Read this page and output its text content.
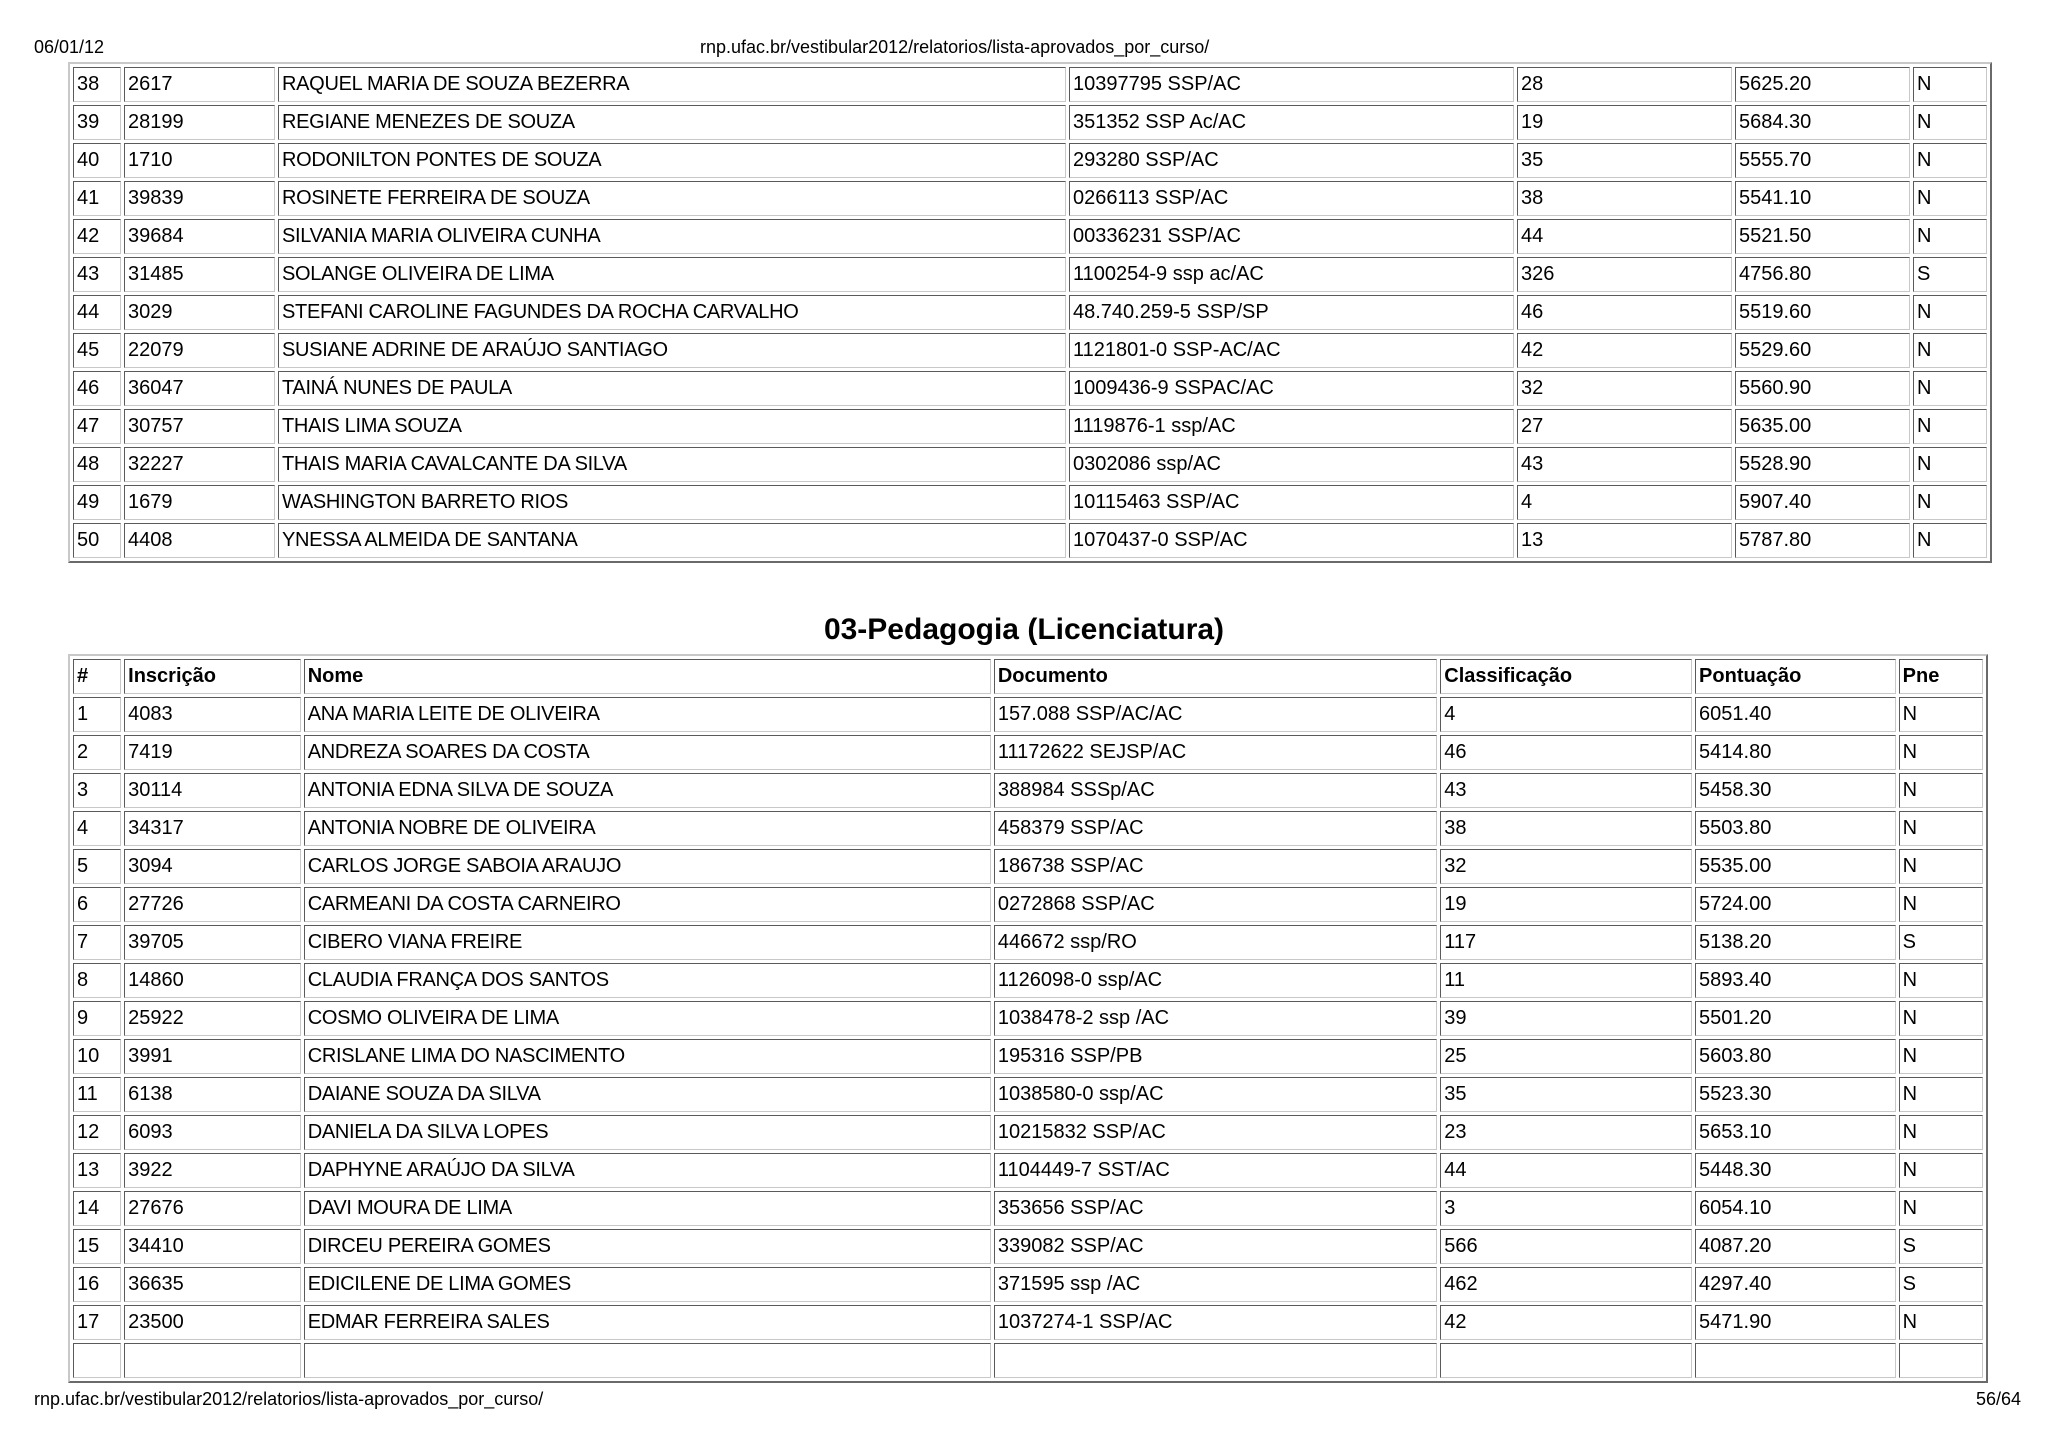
06/01/12	rnp.ufac.br/vestibular2012/relatorios/lista-aprovados_por_curso/
38	2617	RAQUEL MARIA DE SOUZA BEZERRA	10397795 SSP/AC	28	5625.20	N
39	28199	REGIANE MENEZES DE SOUZA	351352 SSP Ac/AC	19	5684.30	N
40	1710	RODONILTON PONTES DE SOUZA	293280 SSP/AC	35	5555.70	N
41	39839	ROSINETE FERREIRA DE SOUZA	0266113 SSP/AC	38	5541.10	N
42	39684	SILVANIA MARIA OLIVEIRA CUNHA	00336231 SSP/AC	44	5521.50	N
43	31485	SOLANGE OLIVEIRA DE LIMA	1100254-9 ssp ac/AC	326	4756.80	S
44	3029	STEFANI CAROLINE FAGUNDES DA ROCHA CARVALHO	48.740.259-5 SSP/SP	46	5519.60	N
45	22079	SUSIANE ADRINE DE ARAÚJO SANTIAGO	1121801-0 SSP-AC/AC	42	5529.60	N
46	36047	TAINÁ NUNES DE PAULA	1009436-9 SSPAC/AC	32	5560.90	N
47	30757	THAIS LIMA SOUZA	1119876-1 ssp/AC	27	5635.00	N
48	32227	THAIS MARIA CAVALCANTE DA SILVA	0302086 ssp/AC	43	5528.90	N
49	1679	WASHINGTON BARRETO RIOS	10115463 SSP/AC	4	5907.40	N
50	4408	YNESSA ALMEIDA DE SANTANA	1070437-0 SSP/AC	13	5787.80	N
03-Pedagogia (Licenciatura)
#	Inscrição	Nome	Documento	Classificação	Pontuação	Pne
1	4083	ANA MARIA LEITE DE OLIVEIRA	157.088 SSP/AC/AC	4	6051.40	N
2	7419	ANDREZA SOARES DA COSTA	11172622 SEJSP/AC	46	5414.80	N
3	30114	ANTONIA EDNA SILVA DE SOUZA	388984 SSSp/AC	43	5458.30	N
4	34317	ANTONIA NOBRE DE OLIVEIRA	458379 SSP/AC	38	5503.80	N
5	3094	CARLOS JORGE SABOIA ARAUJO	186738 SSP/AC	32	5535.00	N
6	27726	CARMEANI DA COSTA CARNEIRO	0272868 SSP/AC	19	5724.00	N
7	39705	CIBERO VIANA FREIRE	446672 ssp/RO	117	5138.20	S
8	14860	CLAUDIA FRANÇA DOS SANTOS	1126098-0 ssp/AC	11	5893.40	N
9	25922	COSMO OLIVEIRA DE LIMA	1038478-2 ssp /AC	39	5501.20	N
10	3991	CRISLANE LIMA DO NASCIMENTO	195316 SSP/PB	25	5603.80	N
11	6138	DAIANE SOUZA DA SILVA	1038580-0 ssp/AC	35	5523.30	N
12	6093	DANIELA DA SILVA LOPES	10215832 SSP/AC	23	5653.10	N
13	3922	DAPHYNE ARAÚJO DA SILVA	1104449-7 SST/AC	44	5448.30	N
14	27676	DAVI MOURA DE LIMA	353656 SSP/AC	3	6054.10	N
15	34410	DIRCEU PEREIRA GOMES	339082 SSP/AC	566	4087.20	S
16	36635	EDICILENE DE LIMA GOMES	371595 ssp /AC	462	4297.40	S
17	23500	EDMAR FERREIRA SALES	1037274-1 SSP/AC	42	5471.90	N

rnp.ufac.br/vestibular2012/relatorios/lista-aprovados_por_curso/	56/64
